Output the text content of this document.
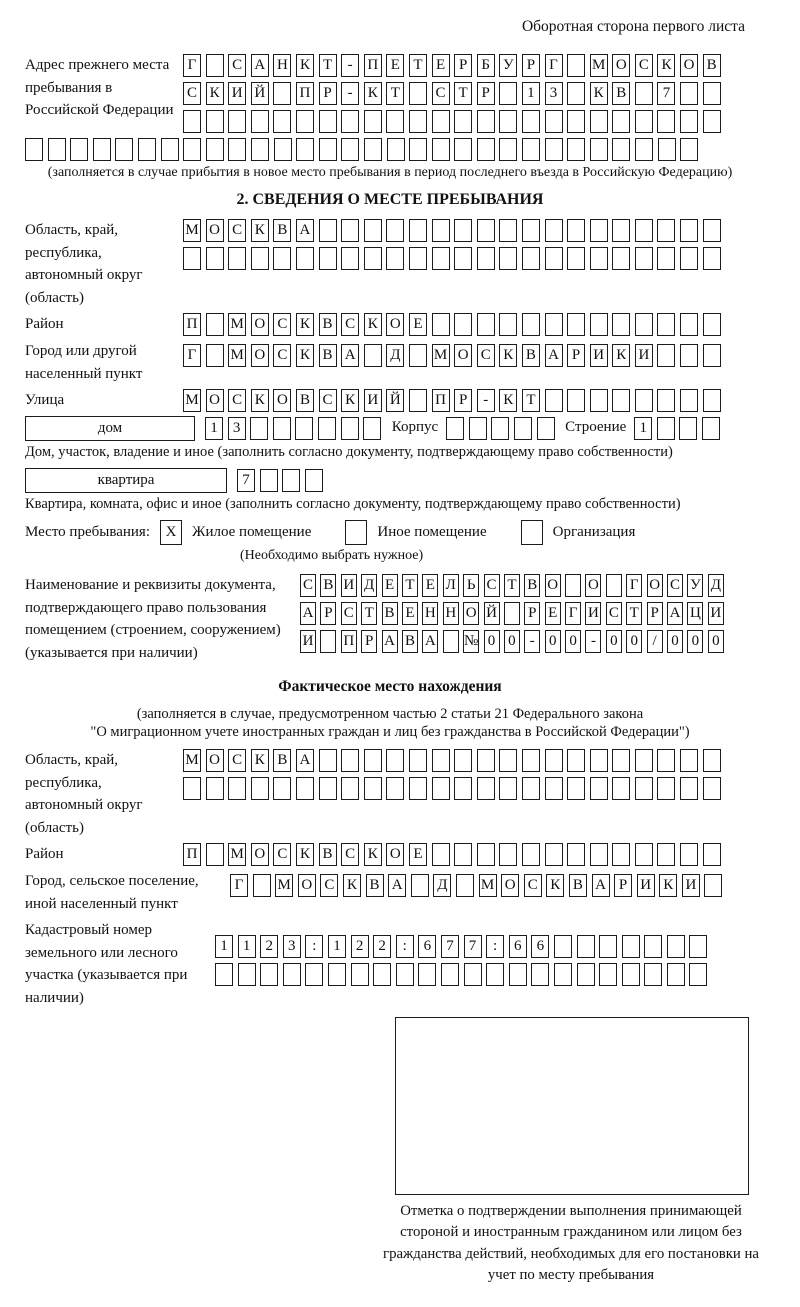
Оборотная сторона первого листа
Адрес прежнего места пребывания в Российской Федерации
Г	С А Н К Т	- П Е Т Е Р Б У Р Г	М О С К О В
С К И Й П Р	-	К Т С Т Р	1	3	К В	7
(заполняется в случае прибытия в новое место пребывания в период последнего въезда в Российскую Федерацию)
2. СВЕДЕНИЯ О МЕСТЕ ПРЕБЫВАНИЯ
Область, край, республика, автономный округ (область)
М О С К В А
Район	П М О С К В С К О Е
Город или другой населенный пункт
Г	М О С К В А Д М О С К В А Р И К И
Улица	М О С К О В С К И Й П Р	-	К Т
дом	1	3	Корпус	Строение 1
Дом, участок, владение и иное (заполнить согласно документу, подтверждающему право собственности)
квартира	7
Квартира, комната, офис и иное (заполнить согласно документу, подтверждающему право собственности)
Место пребывания:	X	Жилое помещение	Иное помещение	Организация
(Необходимо выбрать нужное)
Наименование и реквизиты документа, подтверждающего право пользования помещением (строением, сооружением) (указывается при наличии)
С В И Д Е Т Е Л Ь С Т В О О Г О С У Д
А Р С Т В Е Н Н О Й Р Е Г И С Т Р А Ц И
И П Р А В А № 0 0 - 0 0 - 0 0 / 0 0 0
Фактическое место нахождения
(заполняется в случае, предусмотренном частью 2 статьи 21 Федерального закона
"О миграционном учете иностранных граждан и лиц без гражданства в Российской Федерации")
Область, край, республика, автономный округ (область)
М О С К В А
Район	П М О С К В С К О Е
Город, сельское поселение, иной населенный пункт
Г	М О С К В А Д М О С К В А Р И К И
Кадастровый номер земельного или лесного участка (указывается при наличии)
1	1	2	3	:	1	2	2	:	6	7	7	:	6	6
Отметка о подтверждении выполнения принимающей стороной и иностранным гражданином или лицом без гражданства действий, необходимых для его постановки на учет по месту пребывания
